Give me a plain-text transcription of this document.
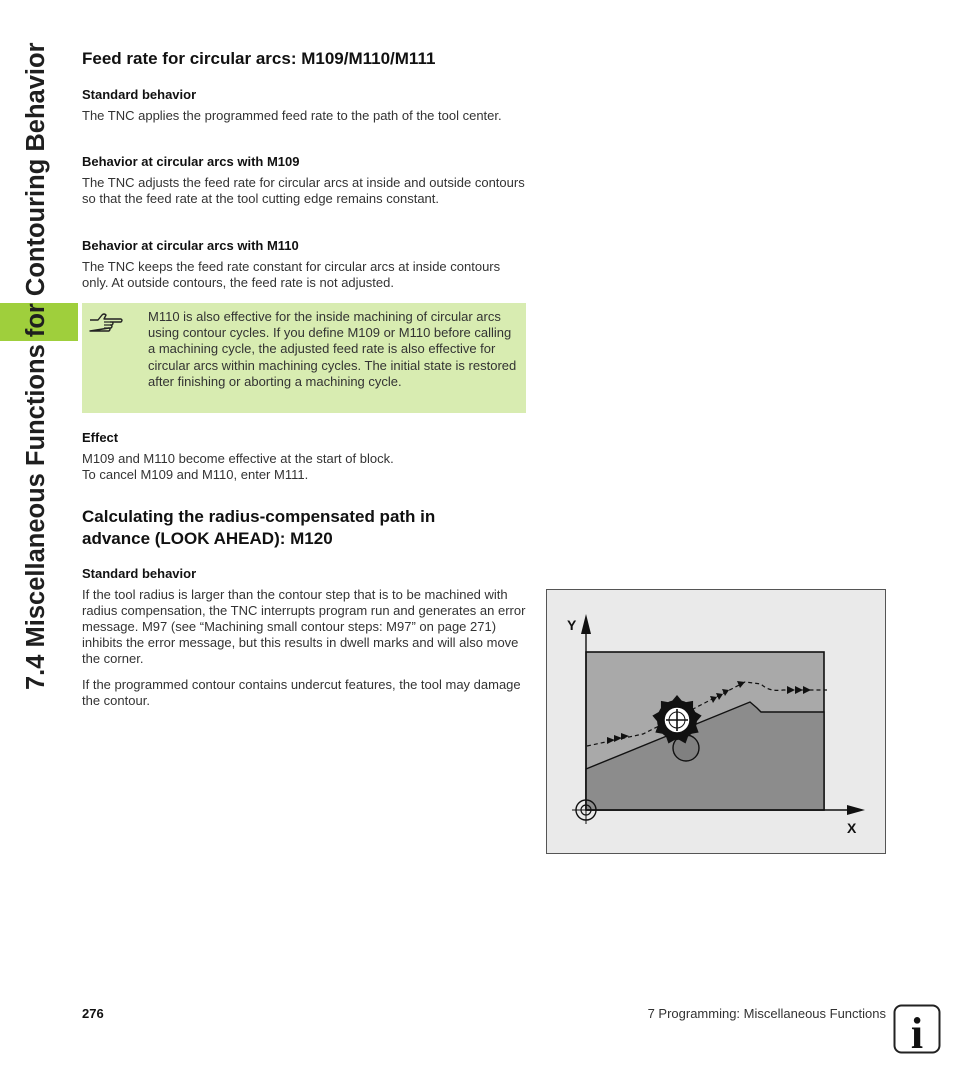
7.4 Miscellaneous Functions for Contouring Behavior	Feed rate for circular arcs: M109/M110/M111
Standard behavior

The TNC applies the programmed feed rate to the path of the tool center.

Behavior at circular arcs with M109

The TNC adjusts the feed rate for circular arcs at inside and outside contours so that the feed rate at the tool cutting edge remains constant.

Behavior at circular arcs with M110

The TNC keeps the feed rate constant for circular arcs at inside contours only. At outside contours, the feed rate is not adjusted.

Effect

M109 and M110 become effective at the start of block.

To cancel M109 and M110, enter M111.

Calculating the radius-compensated path in advance (LOOK AHEAD): M120
Standard behavior

If the tool radius is larger than the contour step that is to be machined with radius compensation, the TNC interrupts program run and generates an error message. M97 (see “Machining small contour steps: M97” on page 271) inhibits the error message, but this results in dwell marks and will also move the corner.

If the programmed contour contains undercut features, the tool may damage the contour.

M110 is also effective for the inside machining of circular arcs using contour cycles. If you define M109 or M110 before calling a machining cycle, the adjusted feed rate is also effective for circular arcs within machining cycles. The initial state is restored after finishing or aborting a machining cycle.
Y
X
276	7 Programming: Miscellaneous Functions i
